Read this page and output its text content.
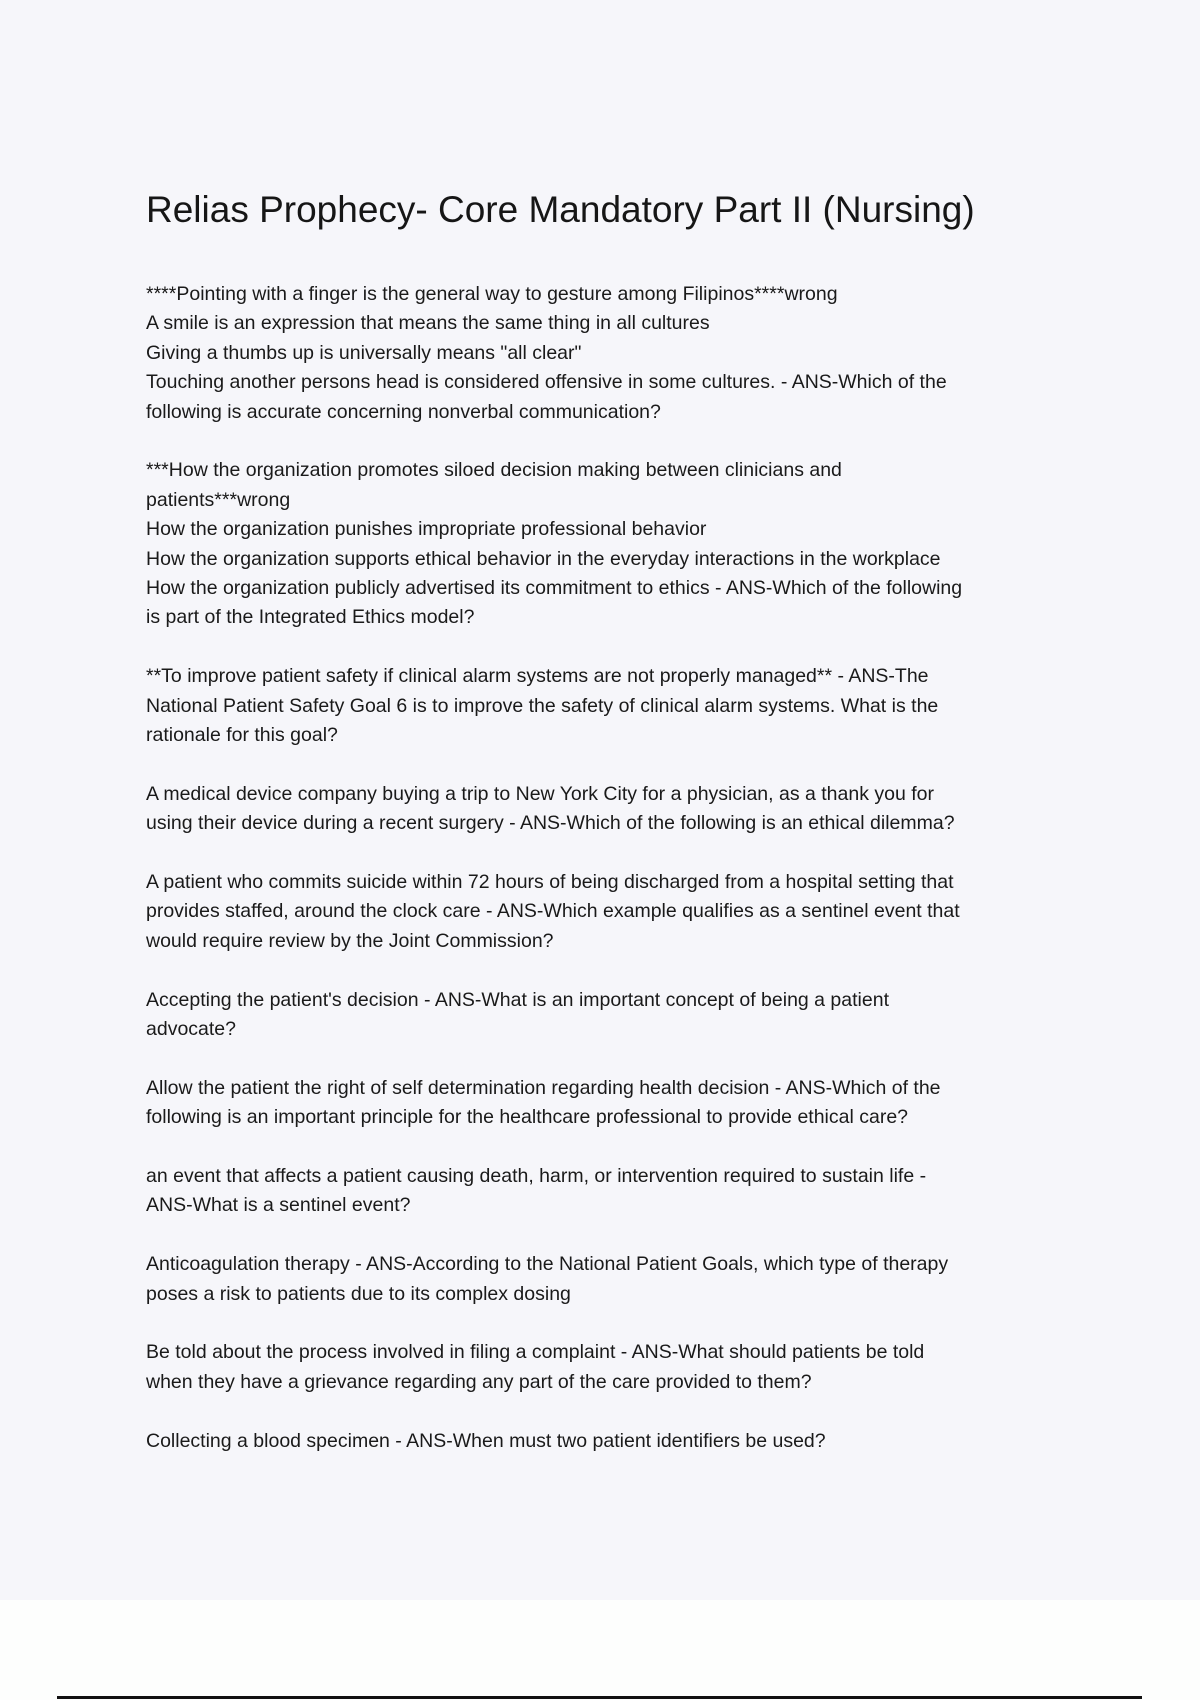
Relias Prophecy- Core Mandatory Part II (Nursing)

****Pointing with a finger is the general way to gesture among Filipinos****wrong
A smile is an expression that means the same thing in all cultures
Giving a thumbs up is universally means "all clear"
Touching another persons head is considered offensive in some cultures. - ANS-Which of the
following is accurate concerning nonverbal communication?

***How the organization promotes siloed decision making between clinicians and
patients***wrong
How the organization punishes impropriate professional behavior
How the organization supports ethical behavior in the everyday interactions in the workplace
How the organization publicly advertised its commitment to ethics - ANS-Which of the following
is part of the Integrated Ethics model?

**To improve patient safety if clinical alarm systems are not properly managed** - ANS-The
National Patient Safety Goal 6 is to improve the safety of clinical alarm systems. What is the
rationale for this goal?

A medical device company buying a trip to New York City for a physician, as a thank you for
using their device during a recent surgery - ANS-Which of the following is an ethical dilemma?

A patient who commits suicide within 72 hours of being discharged from a hospital setting that
provides staffed, around the clock care - ANS-Which example qualifies as a sentinel event that
would require review by the Joint Commission?

Accepting the patient's decision - ANS-What is an important concept of being a patient
advocate?

Allow the patient the right of self determination regarding health decision - ANS-Which of the
following is an important principle for the healthcare professional to provide ethical care?

an event that affects a patient causing death, harm, or intervention required to sustain life -
ANS-What is a sentinel event?

Anticoagulation therapy - ANS-According to the National Patient Goals, which type of therapy
poses a risk to patients due to its complex dosing

Be told about the process involved in filing a complaint - ANS-What should patients be told
when they have a grievance regarding any part of the care provided to them?

Collecting a blood specimen - ANS-When must two patient identifiers be used?
